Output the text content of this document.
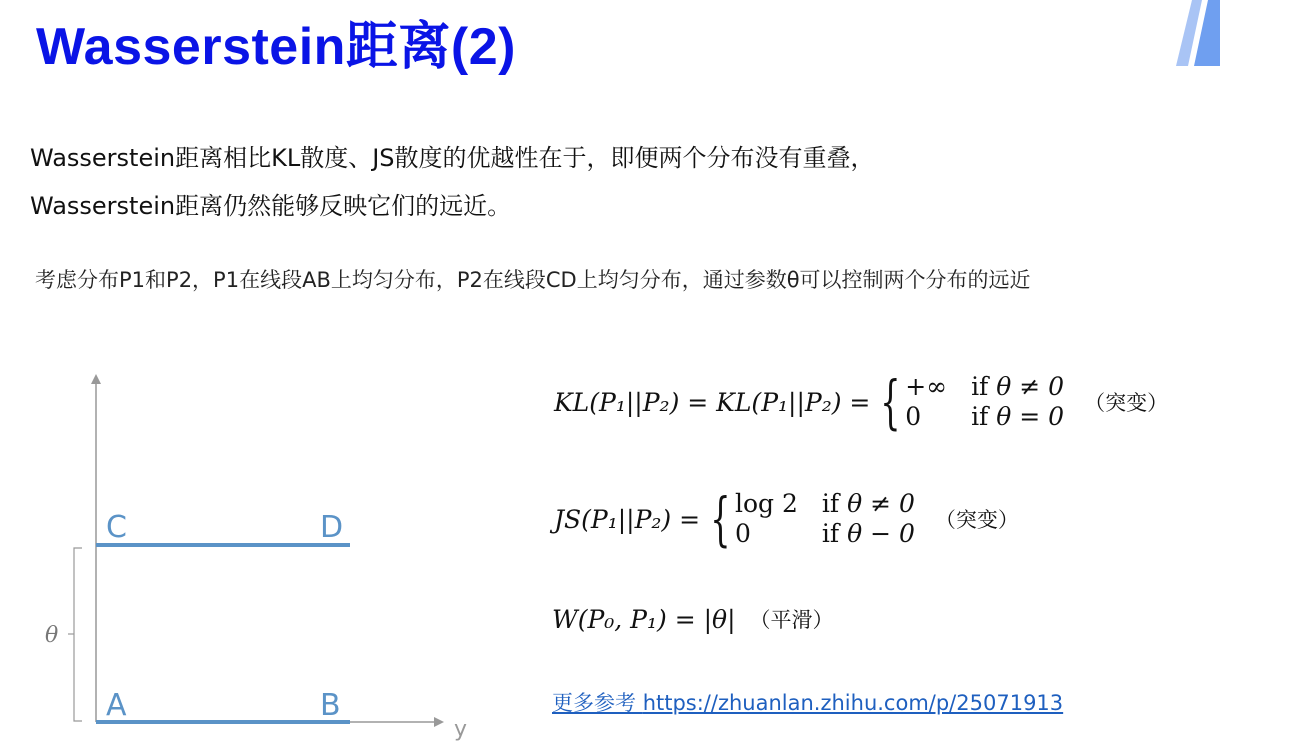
Wasserstein距离(2)

Wasserstein距离相比KL散度、JS散度的优越性在于，即便两个分布没有重叠，
Wasserstein距离仍然能够反映它们的远近。

考虑分布P1和P2，P1在线段AB上均匀分布，P2在线段CD上均匀分布，通过参数θ可以控制两个分布的远近

y
θ
C	D
A	B
KL(P₁||P₂) = KL(P₁||P₂) = { +∞ if θ ≠ 0
0	if θ = 0 （突变）
JS(P₁||P₂) = { log 2 if θ ≠ 0
0	if θ − 0 （突变）
W(P₀, P₁) = |θ| （平滑）
更多参考 https://zhuanlan.zhihu.com/p/25071913
